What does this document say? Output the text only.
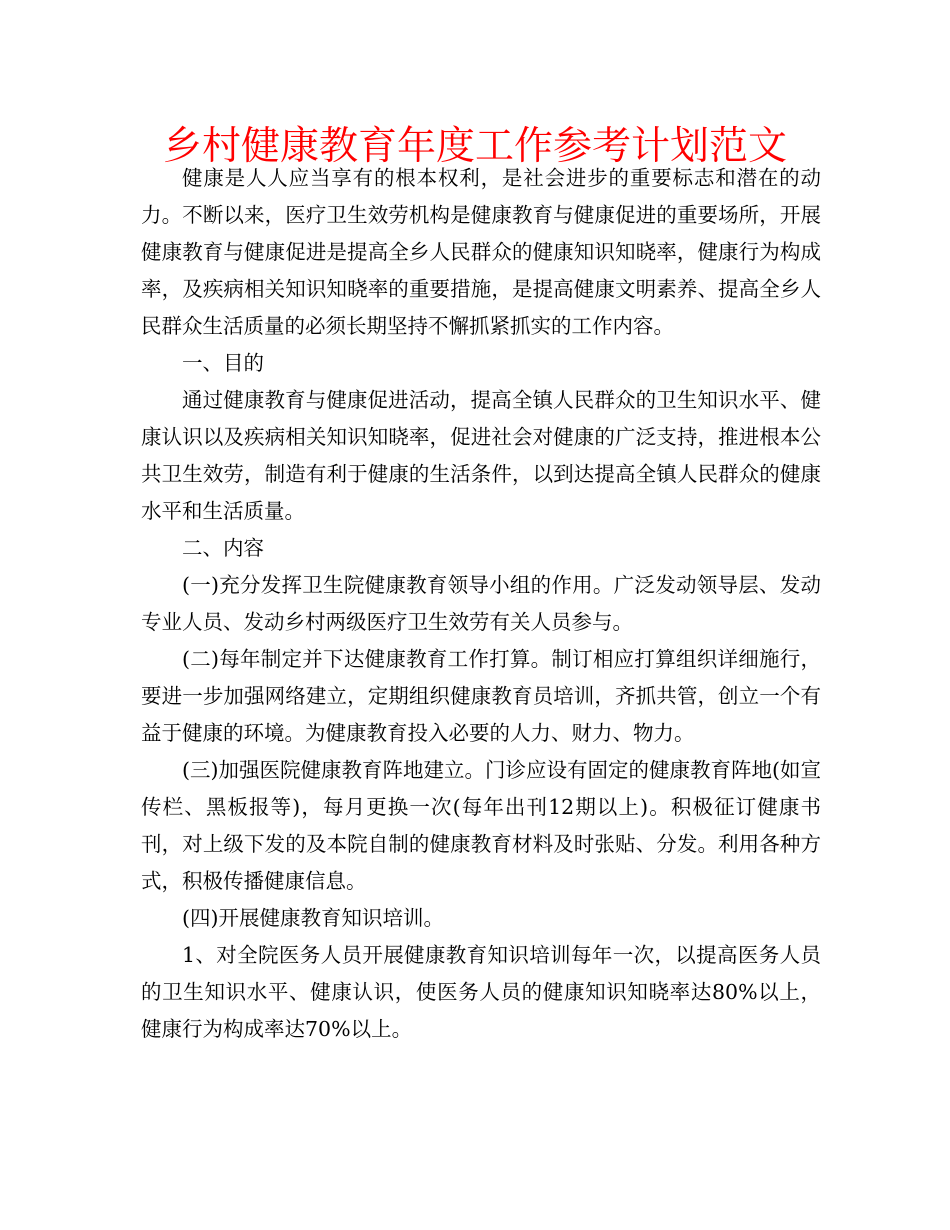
乡村健康教育年度工作参考计划范文

健康是人人应当享有的根本权利，是社会进步的重要标志和潜在的动力。不断以来，医疗卫生效劳机构是健康教育与健康促进的重要场所，开展健康教育与健康促进是提高全乡人民群众的健康知识知晓率，健康行为构成率，及疾病相关知识知晓率的重要措施，是提高健康文明素养、提高全乡人民群众生活质量的必须长期坚持不懈抓紧抓实的工作内容。

一、目的

通过健康教育与健康促进活动，提高全镇人民群众的卫生知识水平、健康认识以及疾病相关知识知晓率，促进社会对健康的广泛支持，推进根本公共卫生效劳，制造有利于健康的生活条件，以到达提高全镇人民群众的健康水平和生活质量。

二、内容

(一)充分发挥卫生院健康教育领导小组的作用。广泛发动领导层、发动专业人员、发动乡村两级医疗卫生效劳有关人员参与。

(二)每年制定并下达健康教育工作打算。制订相应打算组织详细施行，要进一步加强网络建立，定期组织健康教育员培训，齐抓共管，创立一个有益于健康的环境。为健康教育投入必要的人力、财力、物力。

(三)加强医院健康教育阵地建立。门诊应设有固定的健康教育阵地(如宣传栏、黑板报等)，每月更换一次(每年出刊12期以上)。积极征订健康书刊，对上级下发的及本院自制的健康教育材料及时张贴、分发。利用各种方式，积极传播健康信息。

(四)开展健康教育知识培训。

1、对全院医务人员开展健康教育知识培训每年一次，以提高医务人员的卫生知识水平、健康认识，使医务人员的健康知识知晓率达80%以上，健康行为构成率达70%以上。
